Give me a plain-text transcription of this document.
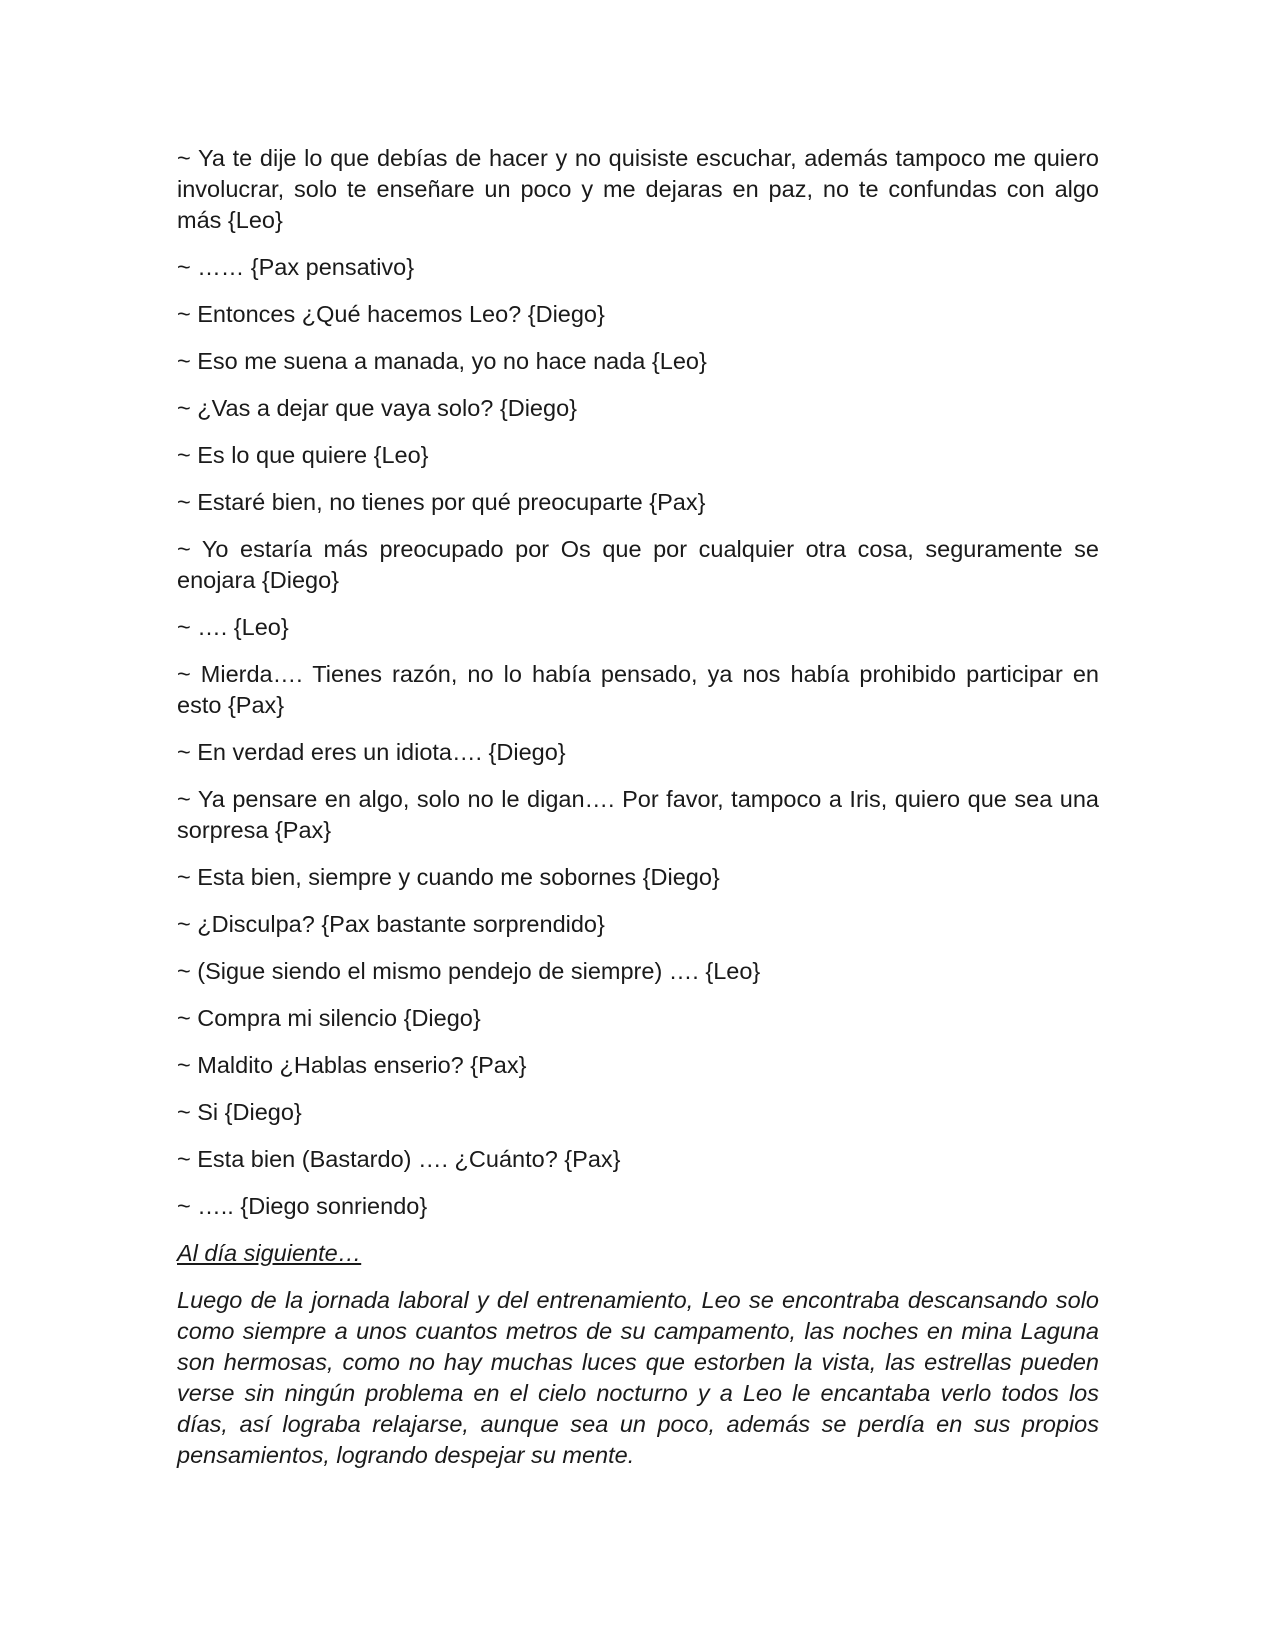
~ Ya te dije lo que debías de hacer y no quisiste escuchar, además tampoco me quiero involucrar, solo te enseñare un poco y me dejaras en paz, no te confundas con algo más {Leo}

~ …… {Pax pensativo}

~ Entonces ¿Qué hacemos Leo? {Diego}

~ Eso me suena a manada, yo no hace nada {Leo}

~ ¿Vas a dejar que vaya solo? {Diego}

~ Es lo que quiere {Leo}

~ Estaré bien, no tienes por qué preocuparte {Pax}

~ Yo estaría más preocupado por Os que por cualquier otra cosa, seguramente se enojara {Diego}

~ …. {Leo}

~ Mierda…. Tienes razón, no lo había pensado, ya nos había prohibido participar en esto {Pax}

~ En verdad eres un idiota…. {Diego}

~ Ya pensare en algo, solo no le digan…. Por favor, tampoco a Iris, quiero que sea una sorpresa {Pax}

~ Esta bien, siempre y cuando me sobornes {Diego}

~ ¿Disculpa? {Pax bastante sorprendido}

~ (Sigue siendo el mismo pendejo de siempre) …. {Leo}

~ Compra mi silencio {Diego}

~ Maldito ¿Hablas enserio? {Pax}

~ Si {Diego}

~ Esta bien (Bastardo) …. ¿Cuánto? {Pax}

~ ….. {Diego sonriendo}

Al día siguiente…

Luego de la jornada laboral y del entrenamiento, Leo se encontraba descansando solo como siempre a unos cuantos metros de su campamento, las noches en mina Laguna son hermosas, como no hay muchas luces que estorben la vista, las estrellas pueden verse sin ningún problema en el cielo nocturno y a Leo le encantaba verlo todos los días, así lograba relajarse, aunque sea un poco, además se perdía en sus propios pensamientos, logrando despejar su mente.
